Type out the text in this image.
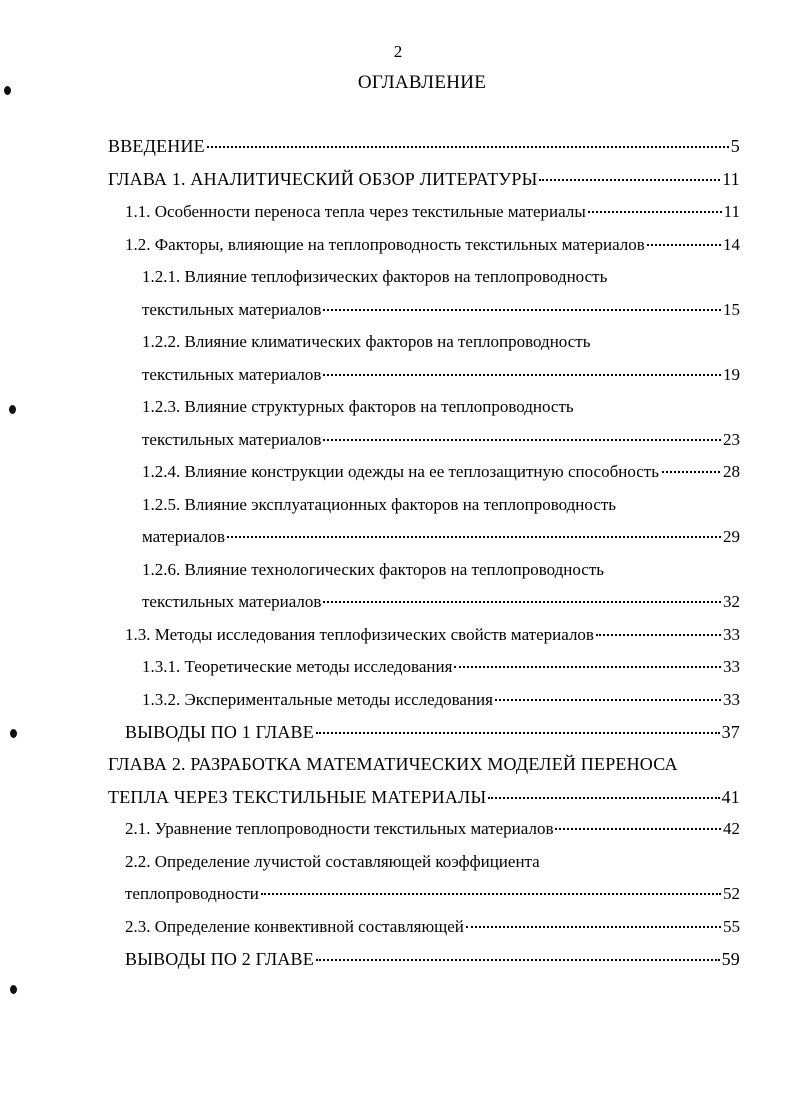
2
ОГЛАВЛЕНИЕ
ВВЕДЕНИЕ	5
ГЛАВА 1. АНАЛИТИЧЕСКИЙ ОБЗОР ЛИТЕРАТУРЫ	11
1.1. Особенности переноса тепла через текстильные материалы	11
1.2. Факторы, влияющие на теплопроводность текстильных материалов	14
1.2.1. Влияние теплофизических факторов на теплопроводность
текстильных материалов	15
1.2.2. Влияние климатических факторов на теплопроводность
текстильных материалов	19
1.2.3. Влияние структурных факторов на теплопроводность
текстильных материалов	23
1.2.4. Влияние конструкции одежды на ее теплозащитную способность	28
1.2.5. Влияние эксплуатационных факторов на теплопроводность
материалов	29
1.2.6. Влияние технологических факторов на теплопроводность
текстильных материалов	32
1.3. Методы исследования теплофизических свойств материалов	33
1.3.1. Теоретические методы исследования	33
1.3.2. Экспериментальные методы исследования	33
ВЫВОДЫ ПО 1 ГЛАВЕ	37
ГЛАВА 2. РАЗРАБОТКА МАТЕМАТИЧЕСКИХ МОДЕЛЕЙ ПЕРЕНОСА
ТЕПЛА ЧЕРЕЗ ТЕКСТИЛЬНЫЕ МАТЕРИАЛЫ	41
2.1. Уравнение теплопроводности текстильных материалов	42
2.2. Определение лучистой составляющей коэффициента
теплопроводности	52
2.3. Определение конвективной составляющей	55
ВЫВОДЫ ПО 2 ГЛАВЕ	59
